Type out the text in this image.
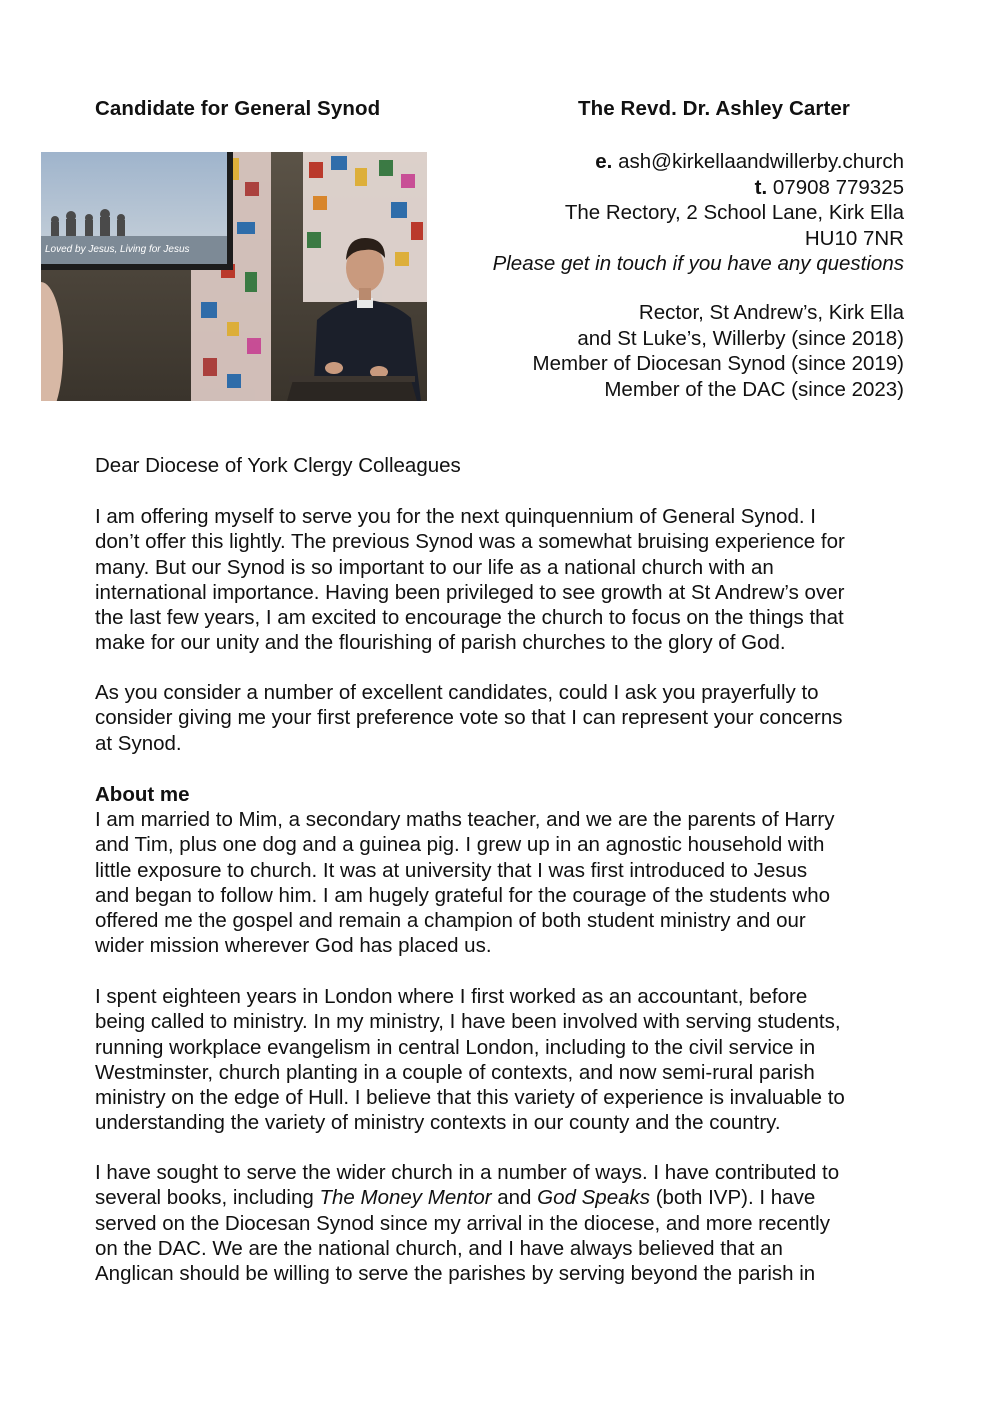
Candidate for General Synod	The Revd. Dr. Ashley Carter
Loved by Jesus, Living for Jesus
e. ash@kirkellaandwillerby.church
t. 07908 779325
The Rectory, 2 School Lane, Kirk Ella
HU10 7NR
Please get in touch if you have any questions
Rector, St Andrew’s, Kirk Ella
and St Luke’s, Willerby (since 2018)
Member of Diocesan Synod (since 2019)
Member of the DAC (since 2023)
Dear Diocese of York Clergy Colleagues

I am offering myself to serve you for the next quinquennium of General Synod. I

don’t offer this lightly. The previous Synod was a somewhat bruising experience for

many. But our Synod is so important to our life as a national church with an

international importance. Having been privileged to see growth at St Andrew’s over

the last few years, I am excited to encourage the church to focus on the things that

make for our unity and the flourishing of parish churches to the glory of God.

As you consider a number of excellent candidates, could I ask you prayerfully to

consider giving me your first preference vote so that I can represent your concerns

at Synod.

About me

I am married to Mim, a secondary maths teacher, and we are the parents of Harry

and Tim, plus one dog and a guinea pig. I grew up in an agnostic household with

little exposure to church. It was at university that I was first introduced to Jesus

and began to follow him. I am hugely grateful for the courage of the students who

offered me the gospel and remain a champion of both student ministry and our

wider mission wherever God has placed us.

I spent eighteen years in London where I first worked as an accountant, before

being called to ministry. In my ministry, I have been involved with serving students,

running workplace evangelism in central London, including to the civil service in

Westminster, church planting in a couple of contexts, and now semi-rural parish

ministry on the edge of Hull. I believe that this variety of experience is invaluable to

understanding the variety of ministry contexts in our county and the country.

I have sought to serve the wider church in a number of ways. I have contributed to

several books, including The Money Mentor and God Speaks (both IVP). I have

served on the Diocesan Synod since my arrival in the diocese, and more recently

on the DAC. We are the national church, and I have always believed that an

Anglican should be willing to serve the parishes by serving beyond the parish in
